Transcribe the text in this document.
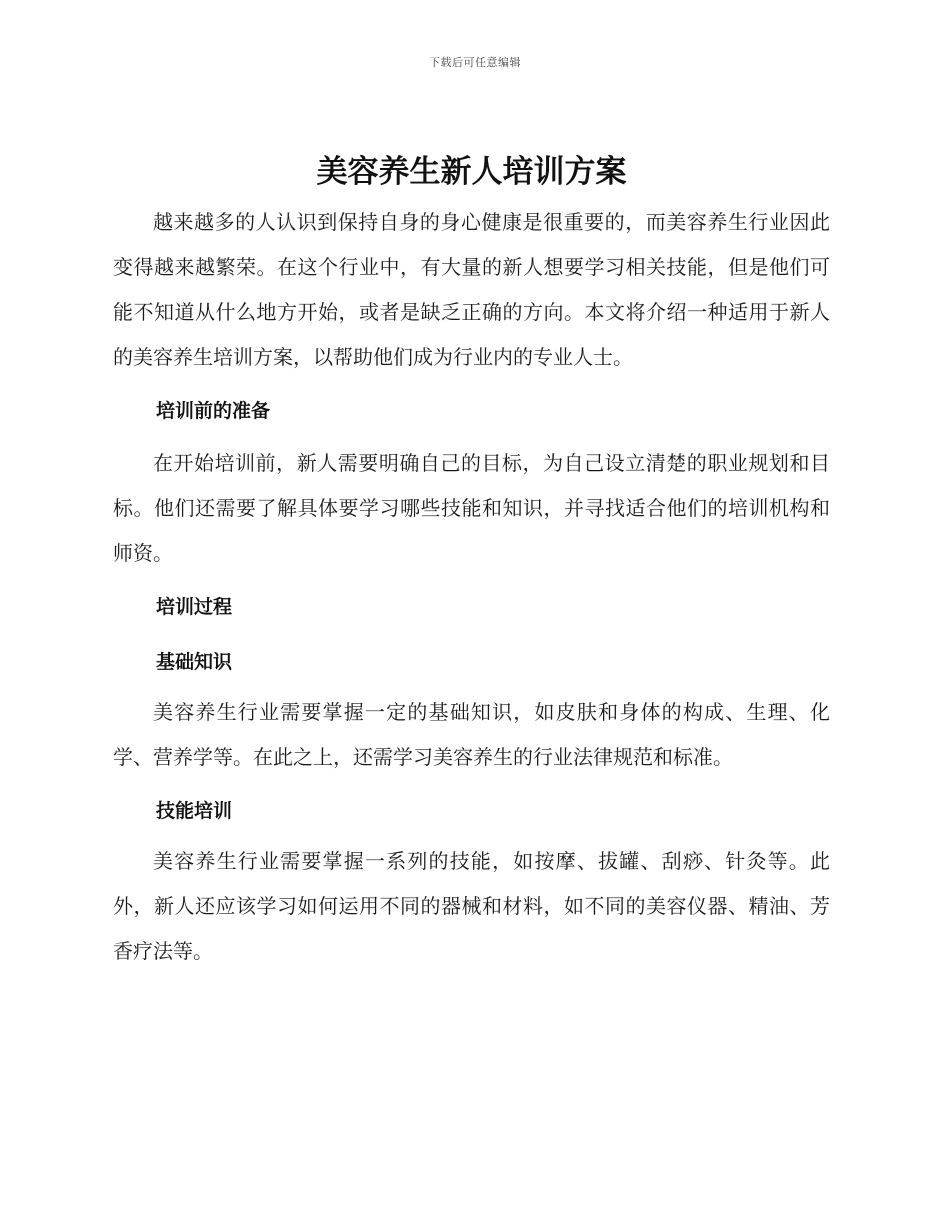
下载后可任意编辑
美容养生新人培训方案

越来越多的人认识到保持自身的身心健康是很重要的，而美容养生行业因此变得越来越繁荣。在这个行业中，有大量的新人想要学习相关技能，但是他们可能不知道从什么地方开始，或者是缺乏正确的方向。本文将介绍一种适用于新人的美容养生培训方案，以帮助他们成为行业内的专业人士。

培训前的准备

在开始培训前，新人需要明确自己的目标，为自己设立清楚的职业规划和目标。他们还需要了解具体要学习哪些技能和知识，并寻找适合他们的培训机构和师资。

培训过程
基础知识

美容养生行业需要掌握一定的基础知识，如皮肤和身体的构成、生理、化学、营养学等。在此之上，还需学习美容养生的行业法律规范和标准。

技能培训

美容养生行业需要掌握一系列的技能，如按摩、拔罐、刮痧、针灸等。此外，新人还应该学习如何运用不同的器械和材料，如不同的美容仪器、精油、芳香疗法等。
